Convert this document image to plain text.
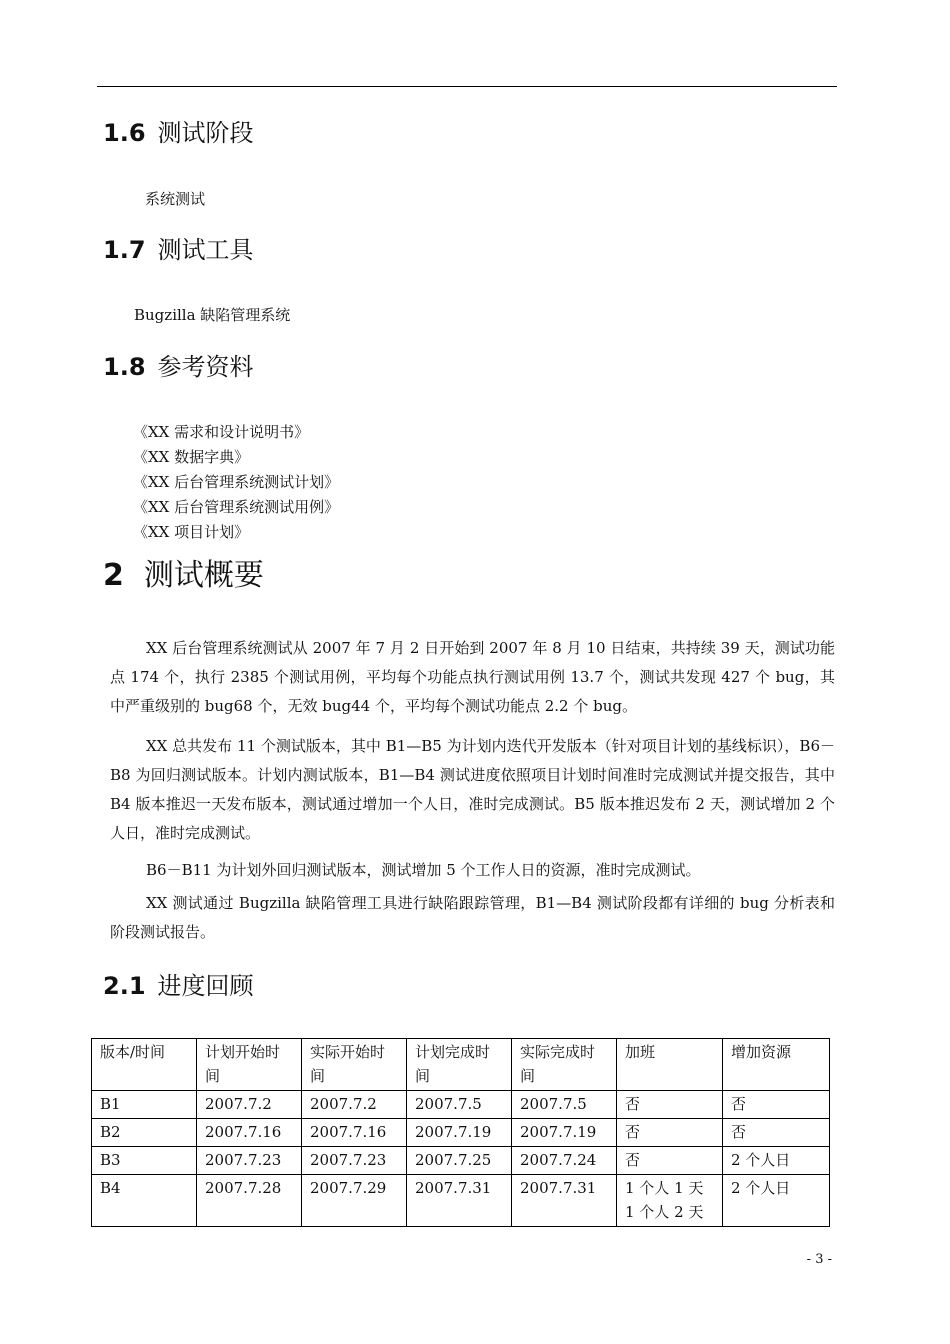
1.6 测试阶段

系统测试

1.7 测试工具

Bugzilla 缺陷管理系统

1.8 参考资料
《XX 需求和设计说明书》
《XX 数据字典》
《XX 后台管理系统测试计划》
《XX 后台管理系统测试用例》
《XX 项目计划》
2 测试概要

XX 后台管理系统测试从 2007 年 7 月 2 日开始到 2007 年 8 月 10 日结束，共持续 39 天，测试功能点 174 个，执行 2385 个测试用例，平均每个功能点执行测试用例 13.7 个，测试共发现 427 个 bug，其中严重级别的 bug68 个，无效 bug44 个，平均每个测试功能点 2.2 个 bug。

XX 总共发布 11 个测试版本，其中 B1—B5 为计划内迭代开发版本（针对项目计划的基线标识），B6－B8 为回归测试版本。计划内测试版本，B1—B4 测试进度依照项目计划时间准时完成测试并提交报告，其中 B4 版本推迟一天发布版本，测试通过增加一个人日，准时完成测试。B5 版本推迟发布 2 天，测试增加 2 个人日，准时完成测试。

B6－B11 为计划外回归测试版本，测试增加 5 个工作人日的资源，准时完成测试。

XX 测试通过 Bugzilla 缺陷管理工具进行缺陷跟踪管理，B1—B4 测试阶段都有详细的 bug 分析表和阶段测试报告。

2.1 进度回顾
版本/时间	计划开始时间	实际开始时间	计划完成时间	实际完成时间	加班	增加资源
B1	2007.7.2	2007.7.2	2007.7.5	2007.7.5	否	否
B2	2007.7.16	2007.7.16	2007.7.19	2007.7.19	否	否
B3	2007.7.23	2007.7.23	2007.7.25	2007.7.24	否	2 个人日
B4	2007.7.28	2007.7.29	2007.7.31	2007.7.31	1 个人 1 天 1 个人 2 天	2 个人日
- 3 -
